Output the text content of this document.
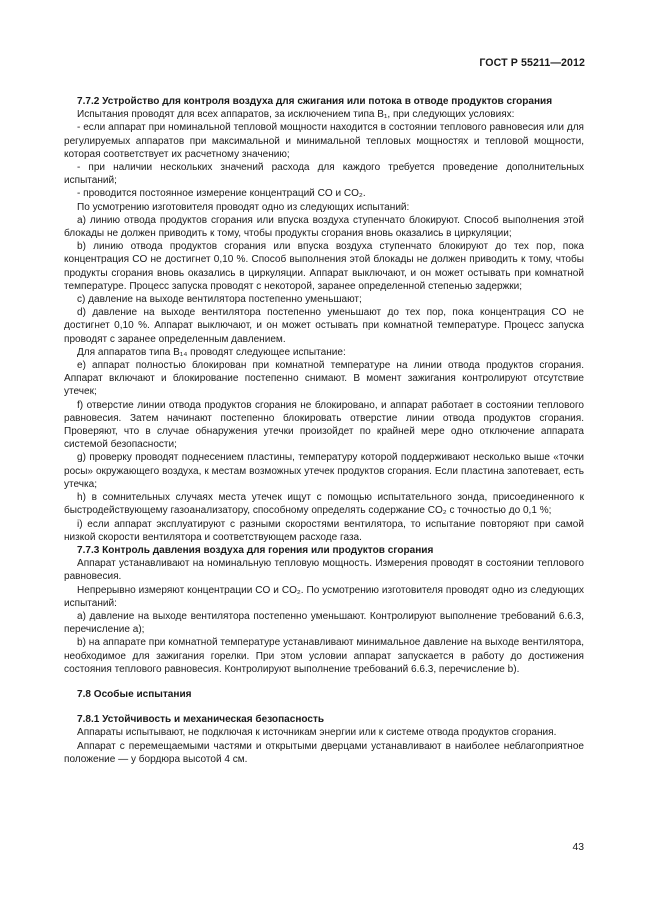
ГОСТ Р 55211—2012

7.7.2 Устройство для контроля воздуха для сжигания или потока в отводе продуктов сгорания

Испытания проводят для всех аппаратов, за исключением типа B₁, при следующих условиях:

- если аппарат при номинальной тепловой мощности находится в состоянии теплового равновесия или для регулируемых аппаратов при максимальной и минимальной тепловых мощностях и тепловой мощности, которая соответствует их расчетному значению;

- при наличии нескольких значений расхода для каждого требуется проведение дополнительных испытаний;

- проводится постоянное измерение концентраций CO и CO₂.

По усмотрению изготовителя проводят одно из следующих испытаний:

a) линию отвода продуктов сгорания или впуска воздуха ступенчато блокируют. Способ выполнения этой блокады не должен приводить к тому, чтобы продукты сгорания вновь оказались в циркуляции;

b) линию отвода продуктов сгорания или впуска воздуха ступенчато блокируют до тех пор, пока концентрация CO не достигнет 0,10 %. Способ выполнения этой блокады не должен приводить к тому, чтобы продукты сгорания вновь оказались в циркуляции. Аппарат выключают, и он может остывать при комнатной температуре. Процесс запуска проводят с некоторой, заранее определенной степенью задержки;

c) давление на выходе вентилятора постепенно уменьшают;

d) давление на выходе вентилятора постепенно уменьшают до тех пор, пока концентрация CO не достигнет 0,10 %. Аппарат выключают, и он может остывать при комнатной температуре. Процесс запуска проводят с заранее определенным давлением.

Для аппаратов типа B₁₄ проводят следующее испытание:

e) аппарат полностью блокирован при комнатной температуре на линии отвода продуктов сгорания. Аппарат включают и блокирование постепенно снимают. В момент зажигания контролируют отсутствие утечек;

f) отверстие линии отвода продуктов сгорания не блокировано, и аппарат работает в состоянии теплового равновесия. Затем начинают постепенно блокировать отверстие линии отвода продуктов сгорания. Проверяют, что в случае обнаружения утечки произойдет по крайней мере одно отключение аппарата системой безопасности;

g) проверку проводят поднесением пластины, температуру которой поддерживают несколько выше «точки росы» окружающего воздуха, к местам возможных утечек продуктов сгорания. Если пластина запотевает, есть утечка;

h) в сомнительных случаях места утечек ищут с помощью испытательного зонда, присоединенного к быстродействующему газоанализатору, способному определять содержание CO₂ с точностью до 0,1 %;

i) если аппарат эксплуатируют с разными скоростями вентилятора, то испытание повторяют при самой низкой скорости вентилятора и соответствующем расходе газа.

7.7.3 Контроль давления воздуха для горения или продуктов сгорания

Аппарат устанавливают на номинальную тепловую мощность. Измерения проводят в состоянии теплового равновесия.

Непрерывно измеряют концентрации CO и CO₂. По усмотрению изготовителя проводят одно из следующих испытаний:

a) давление на выходе вентилятора постепенно уменьшают. Контролируют выполнение требований 6.6.3, перечисление a);

b) на аппарате при комнатной температуре устанавливают минимальное давление на выходе вентилятора, необходимое для зажигания горелки. При этом условии аппарат запускается в работу до достижения состояния теплового равновесия. Контролируют выполнение требований 6.6.3, перечисление b).

7.8 Особые испытания

7.8.1 Устойчивость и механическая безопасность

Аппараты испытывают, не подключая к источникам энергии или к системе отвода продуктов сгорания.

Аппарат с перемещаемыми частями и открытыми дверцами устанавливают в наиболее неблагоприятное положение — у бордюра высотой 4 см.

43
